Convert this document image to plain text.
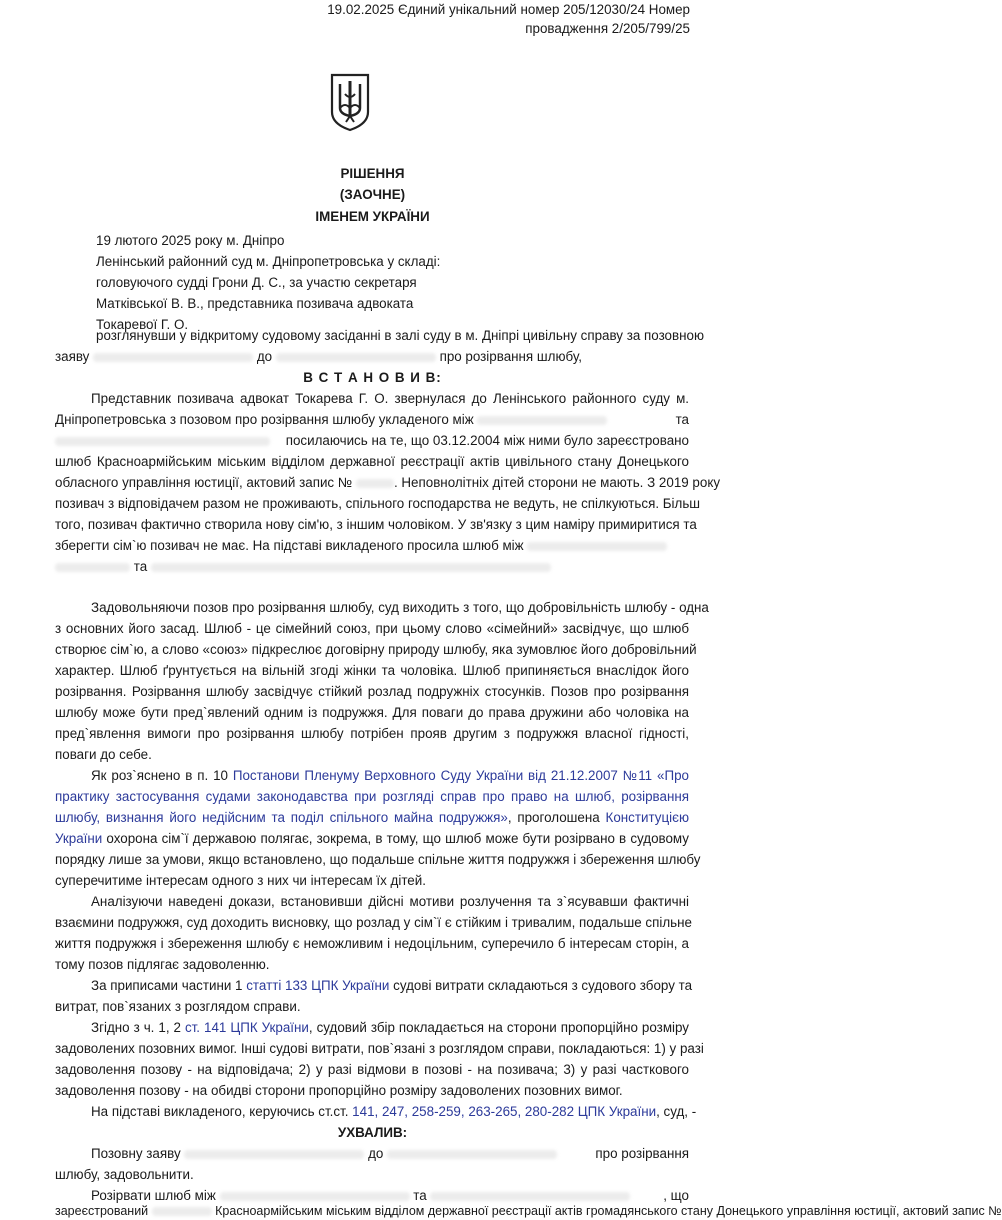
19.02.2025 Єдиний унікальний номер 205/12030/24 Номер
провадження 2/205/799/25
РІШЕННЯ
(ЗАОЧНЕ)
ІМЕНЕМ УКРАЇНИ
19 лютого 2025 року м. Дніпро
Ленінський районний суд м. Дніпропетровська у складі:
головуючого судді Грони Д. С., за участю секретаря
Матківської В. В., представника позивача адвоката
Токаревої Г. О.
розглянувши у відкритому судовому засіданні в залі суду в м. Дніпрі цивільну справу за позовною
заяву	до	про розірвання шлюбу,
В С Т А Н О В И В:
Представник позивача адвокат Токарева Г. О. звернулася до Ленінського районного суду м.
Дніпропетровська з позовом про розірвання шлюбу укладеного між	та
посилаючись на те, що 03.12.2004 між ними було зареєстровано
шлюб Красноармійським міським відділом державної реєстрації актів цивільного стану Донецького
обласного управління юстиції, актовий запис №	. Неповнолітніх дітей сторони не мають. З 2019 року
позивач з відповідачем разом не проживають, спільного господарства не ведуть, не спілкуються. Більш
того, позивач фактично створила нову сім'ю, з іншим чоловіком. У зв'язку з цим наміру примиритися та
зберегти сім`ю позивач не має. На підставі викладеного просила шлюб між
та
Задовольняючи позов про розірвання шлюбу, суд виходить з того, що добровільність шлюбу - одна
з основних його засад. Шлюб - це сімейний союз, при цьому слово «сімейний» засвідчує, що шлюб
створює сім`ю, а слово «союз» підкреслює договірну природу шлюбу, яка зумовлює його добровільний
характер. Шлюб ґрунтується на вільній згоді жінки та чоловіка. Шлюб припиняється внаслідок його
розірвання. Розірвання шлюбу засвідчує стійкий розлад подружніх стосунків. Позов про розірвання
шлюбу може бути пред`явлений одним із подружжя. Для поваги до права дружини або чоловіка на
пред`явлення вимоги про розірвання шлюбу потрібен прояв другим з подружжя власної гідності,
поваги до себе.
Як роз`яснено в п. 10 Постанови Пленуму Верховного Суду України від 21.12.2007 №11 «Про
практику застосування судами законодавства при розгляді справ про право на шлюб, розірвання
шлюбу, визнання його недійсним та поділ спільного майна подружжя», проголошена Конституцією
України охорона сім`ї державою полягає, зокрема, в тому, що шлюб може бути розірвано в судовому
порядку лише за умови, якщо встановлено, що подальше спільне життя подружжя і збереження шлюбу
суперечитиме інтересам одного з них чи інтересам їх дітей.
Аналізуючи наведені докази, встановивши дійсні мотиви розлучення та з`ясувавши фактичні
взаємини подружжя, суд доходить висновку, що розлад у сім`ї є стійким і тривалим, подальше спільне
життя подружжя і збереження шлюбу є неможливим і недоцільним, суперечило б інтересам сторін, а
тому позов підлягає задоволенню.
За приписами частини 1 статті 133 ЦПК України судові витрати складаються з судового збору та
витрат, пов`язаних з розглядом справи.
Згідно з ч. 1, 2 ст. 141 ЦПК України, судовий збір покладається на сторони пропорційно розміру
задоволених позовних вимог. Інші судові витрати, пов`язані з розглядом справи, покладаються: 1) у разі
задоволення позову - на відповідача; 2) у разі відмови в позові - на позивача; 3) у разі часткового
задоволення позову - на обидві сторони пропорційно розміру задоволених позовних вимог.
На підставі викладеного, керуючись ст.ст. 141, 247, 258-259, 263-265, 280-282 ЦПК України, суд, -
УХВАЛИВ:
Позовну заяву	до	про розірвання
шлюбу, задовольнити.
Розірвати шлюб між	та	, що
зареєстрований	Красноармійським міським відділом державної реєстрації актів громадянського стану Донецького управління юстиції, актовий запис №
